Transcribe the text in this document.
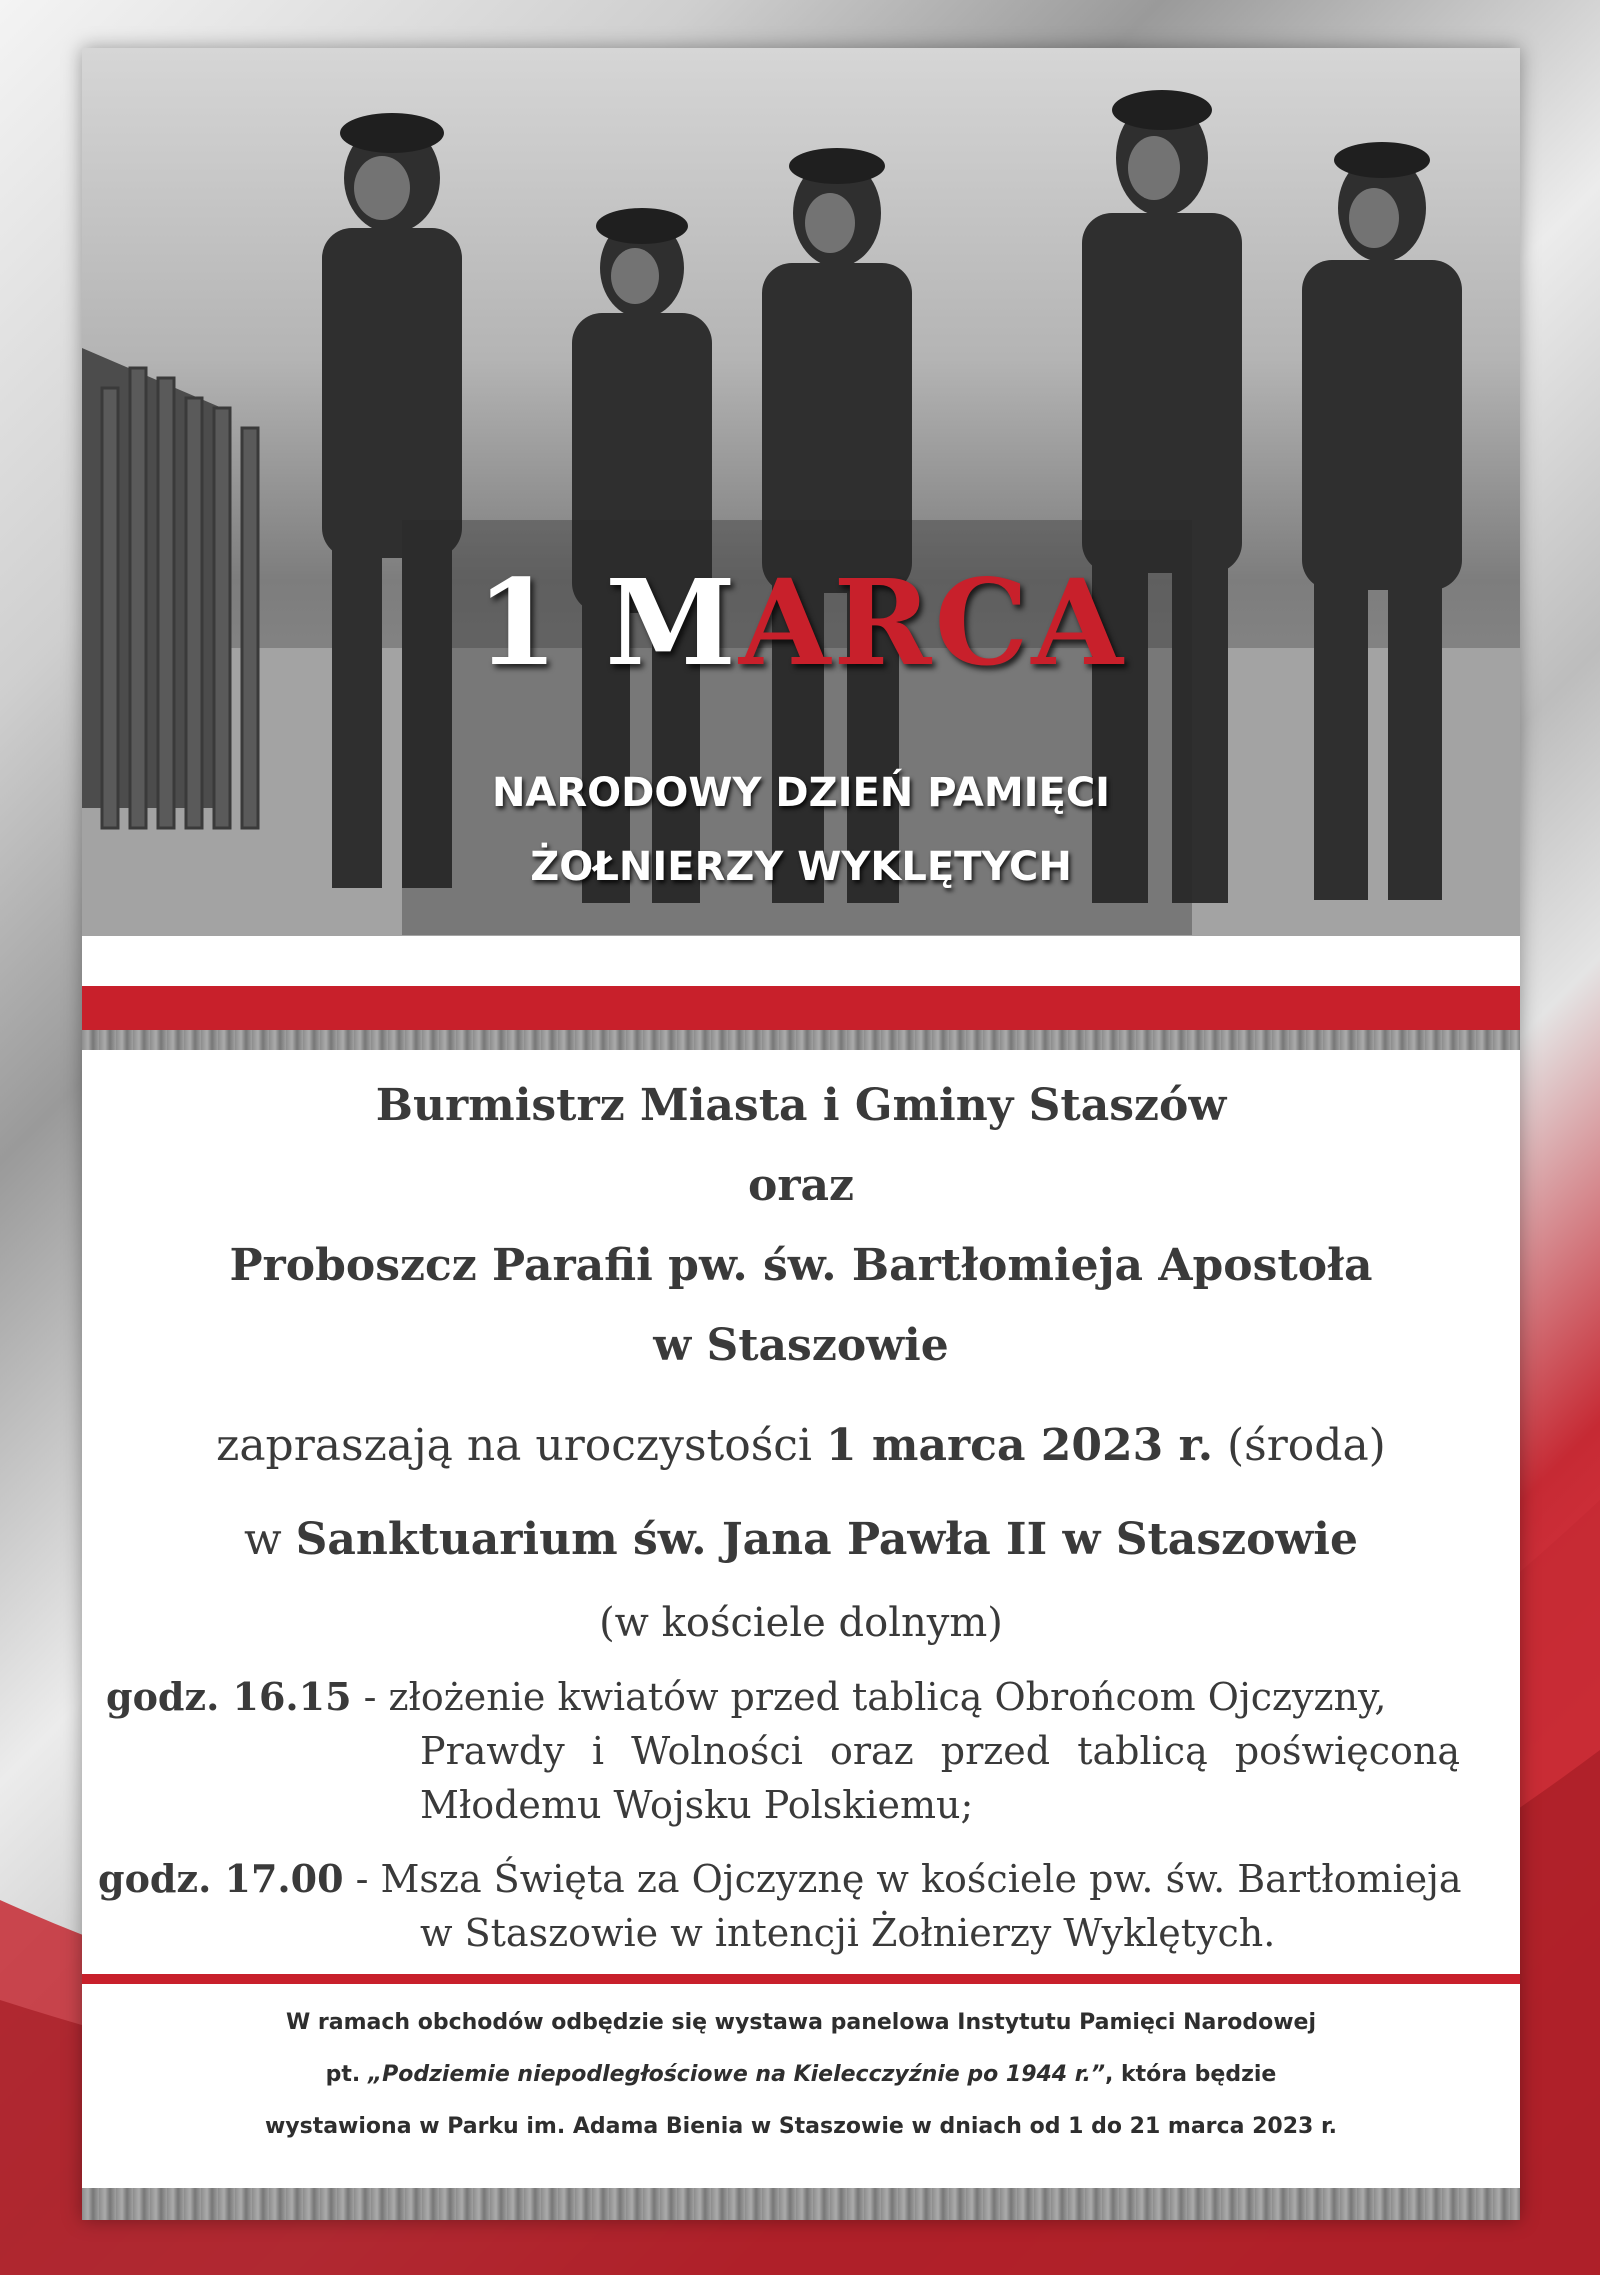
1 MARCA
NARODOWY DZIEŃ PAMIĘCI
ŻOŁNIERZY WYKLĘTYCH
Burmistrz Miasta i Gminy Staszów
oraz
Proboszcz Parafii pw. św. Bartłomieja Apostoła
w Staszowie
zapraszają na uroczystości 1 marca 2023 r. (środa)
w Sanktuarium św. Jana Pawła II w Staszowie
(w kościele dolnym)
godz. 16.15 - złożenie kwiatów przed tablicą Obrońcom Ojczyzny,
Prawdy i Wolności oraz przed tablicą poświęconą
Młodemu Wojsku Polskiemu;
godz. 17.00 - Msza Święta za Ojczyznę w kościele pw. św. Bartłomieja
w Staszowie w intencji Żołnierzy Wyklętych.
W ramach obchodów odbędzie się wystawa panelowa Instytutu Pamięci Narodowej
pt. „Podziemie niepodległościowe na Kielecczyźnie po 1944 r.”, która będzie
wystawiona w Parku im. Adama Bienia w Staszowie w dniach od 1 do 21 marca 2023 r.
